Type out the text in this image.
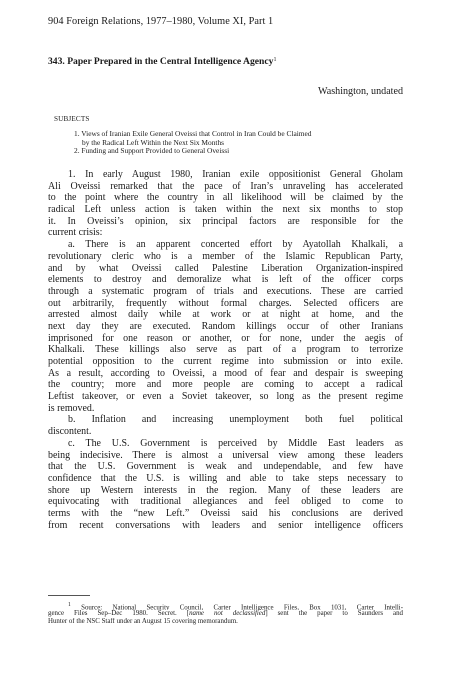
904 Foreign Relations, 1977–1980, Volume XI, Part 1
343. Paper Prepared in the Central Intelligence Agency$^1$
Washington, undated
SUBJECTS
1. Views of Iranian Exile General Oveissi that Control in Iran Could be Claimed
by the Radical Left Within the Next Six Months
2. Funding and Support Provided to General Oveissi
1. In early August 1980, Iranian exile oppositionist General Gholam
Ali Oveissi remarked that the pace of Iran’s unraveling has accelerated
to the point where the country in all likelihood will be claimed by the
radical Left unless action is taken within the next six months to stop
it. In Oveissi’s opinion, six principal factors are responsible for the
current crisis:
a. There is an apparent concerted effort by Ayatollah Khalkali, a
revolutionary cleric who is a member of the Islamic Republican Party,
and by what Oveissi called Palestine Liberation Organization-inspired
elements to destroy and demoralize what is left of the officer corps
through a systematic program of trials and executions. These are carried
out arbitrarily, frequently without formal charges. Selected officers are
arrested almost daily while at work or at night at home, and the
next day they are executed. Random killings occur of other Iranians
imprisoned for one reason or another, or for none, under the aegis of
Khalkali. These killings also serve as part of a program to terrorize
potential opposition to the current regime into submission or into exile.
As a result, according to Oveissi, a mood of fear and despair is sweeping
the country; more and more people are coming to accept a radical
Leftist takeover, or even a Soviet takeover, so long as the present regime
is removed.
b. Inflation and increasing unemployment both fuel political
discontent.
c. The U.S. Government is perceived by Middle East leaders as
being indecisive. There is almost a universal view among these leaders
that the U.S. Government is weak and undependable, and few have
confidence that the U.S. is willing and able to take steps necessary to
shore up Western interests in the region. Many of these leaders are
equivocating with traditional allegiances and feel obliged to come to
terms with the “new Left.” Oveissi said his conclusions are derived
from recent conversations with leaders and senior intelligence officers
$^1$ Source: National Security Council, Carter Intelligence Files, Box 1031, Carter Intelli-
gence Files Sep–Dec 1980. Secret. [name not declassified] sent the paper to Saunders and
Hunter of the NSC Staff under an August 15 covering memorandum.
